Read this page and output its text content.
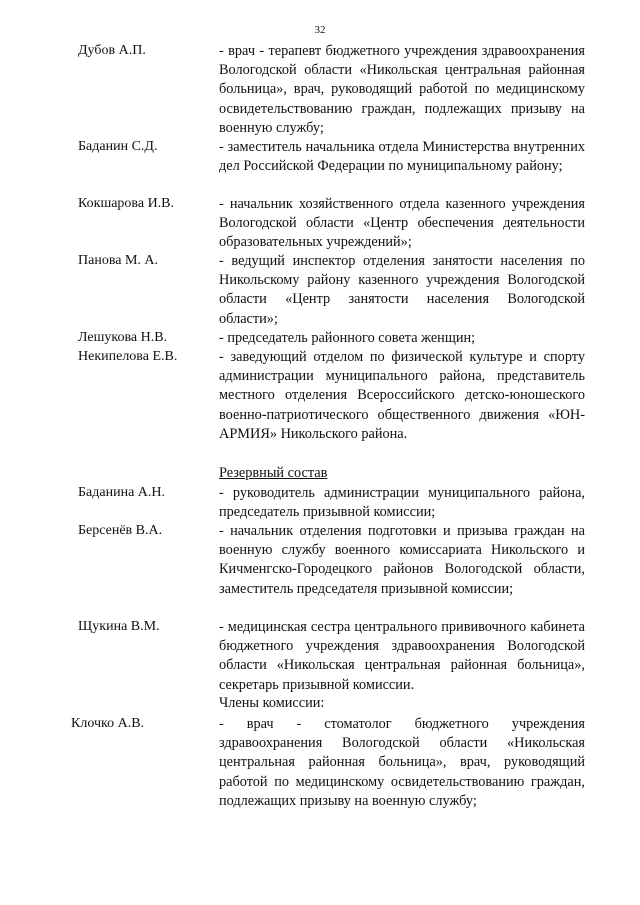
32
Дубов А.П.	- врач - терапевт бюджетного учреждения здравоохранения Вологодской области «Никольская центральная районная больница», врач, руководящий работой по медицинскому освидетельствованию граждан, подлежащих призыву на военную службу;
Баданин С.Д.	- заместитель начальника отдела Министерства внутренних дел Российской Федерации по муниципальному району;
Кокшарова И.В.	- начальник хозяйственного отдела казенного учреждения Вологодской области «Центр обеспечения деятельности образовательных учреждений»;
Панова М. А.	- ведущий инспектор отделения занятости населения по Никольскому району казенного учреждения Вологодской области «Центр занятости населения Вологодской области»;
Лешукова Н.В.	- председатель районного совета женщин;
Некипелова Е.В.	- заведующий отделом по физической культуре и спорту администрации муниципального района, представитель местного отделения Всероссийского детско-юношеского военно-патриотического общественного движения «ЮН-АРМИЯ» Никольского района.
Резервный состав
Баданина А.Н.	- руководитель администрации муниципального района, председатель призывной комиссии;
Берсенёв В.А.	- начальник отделения подготовки и призыва граждан на военную службу военного комиссариата Никольского и Кичменгско-Городецкого районов Вологодской области, заместитель председателя призывной комиссии;
Щукина В.М.	- медицинская сестра центрального прививочного кабинета бюджетного учреждения здравоохранения Вологодской области «Никольская центральная районная больница», секретарь призывной комиссии.
Члены комиссии:
Клочко А.В.	- врач - стоматолог бюджетного учреждения здравоохранения Вологодской области «Никольская центральная районная больница», врач, руководящий работой по медицинскому освидетельствованию граждан, подлежащих призыву на военную службу;
